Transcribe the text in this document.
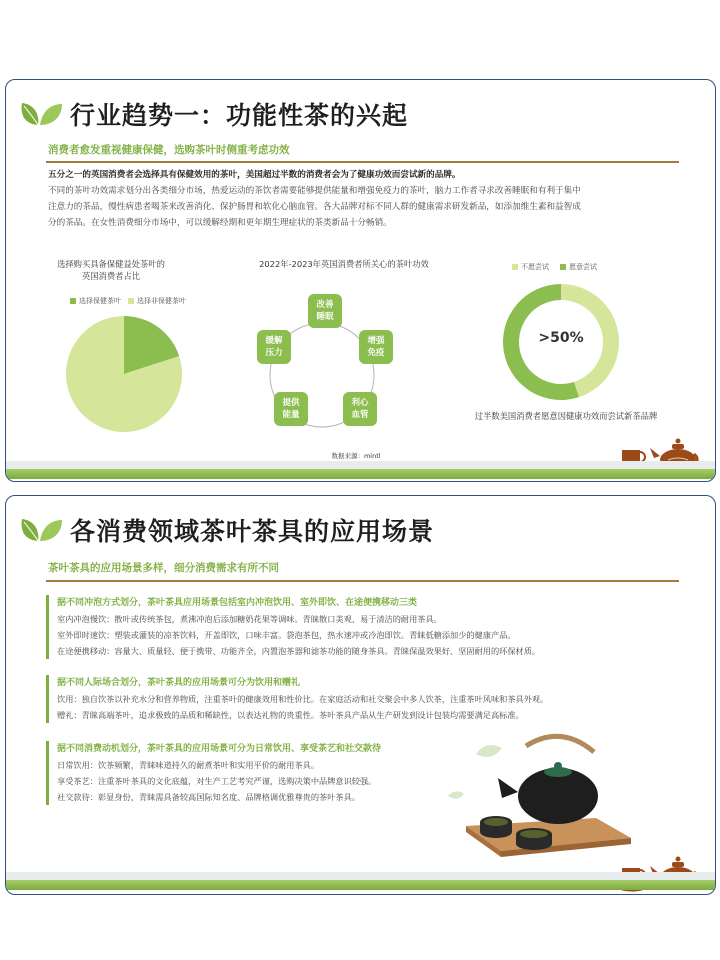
行业趋势一：功能性茶的兴起
消费者愈发重视健康保健，选购茶叶时侧重考虑功效
五分之一的英国消费者会选择具有保健效用的茶叶，美国超过半数的消费者会为了健康功效而尝试新的品牌。
不同的茶叶功效需求划分出各类细分市场，热爱运动的茶饮者需要能够提供能量和增强免疫力的茶叶，脑力工作者寻求改善睡眠和有利于集中
注意力的茶品，慢性病患者喝茶来改善消化、保护肠胃和软化心脑血管。各大品牌对标不同人群的健康需求研发新品，如添加维生素和益智成
分的茶品。在女性消费细分市场中，可以缓解经期和更年期生理症状的茶类新品十分畅销。
选择购买具备保健益处茶叶的
英国消费者占比
选择保健茶叶 选择非保健茶叶
2022年-2023年英国消费者所关心的茶叶功效
改善
睡眠
增强
免疫
利心
血管
提供
能量
缓解
压力
数据来源：mintl
不愿尝试	愿意尝试
>50%
过半数美国消费者愿意因健康功效而尝试新茶品牌
各消费领域茶叶茶具的应用场景
茶叶茶具的应用场景多样，细分消费需求有所不同
据不同冲泡方式划分，茶叶茶具应用场景包括室内冲泡饮用、室外即饮、在途便携移动三类
室内冲泡慢饮：散叶或传统茶包，煮沸冲泡后添加糖奶花果等调味。青睐散口美观、易于清洁的耐用茶具。
室外即时速饮：塑装或灌装的凉茶饮料，开盖即饮，口味丰富。袋泡茶包，热水速冲或冷泡即饮。青睐低糖添加少的健康产品。
在途便携移动：容量大、质量轻、便于携带、功能齐全，内置泡茶器和滤茶功能的随身茶具。青睐保温效果好、坚固耐用的环保材质。
据不同人际场合划分，茶叶茶具的应用场景可分为饮用和赠礼
饮用：独自饮茶以补充水分和营养物质，注重茶叶的健康效用和性价比。在家庭活动和社交聚会中多人饮茶，注重茶叶风味和茶具外观。
赠礼：青睐高端茶叶，追求极致的品质和稀缺性，以表达礼物的贵重性。茶叶茶具产品从生产研发到设计包装均需要满足高标准。
据不同消费动机划分，茶叶茶具的应用场景可分为日常饮用、享受茶艺和社交款待
日常饮用：饮茶频繁，青睐味道持久的耐煮茶叶和实用平价的耐用茶具。
享受茶艺：注重茶叶茶具的文化底蕴，对生产工艺考究严谨，选购决策中品牌意识较强。
社交款待：彰显身份，青睐需具备较高国际知名度、品牌格调优雅尊贵的茶叶茶具。
